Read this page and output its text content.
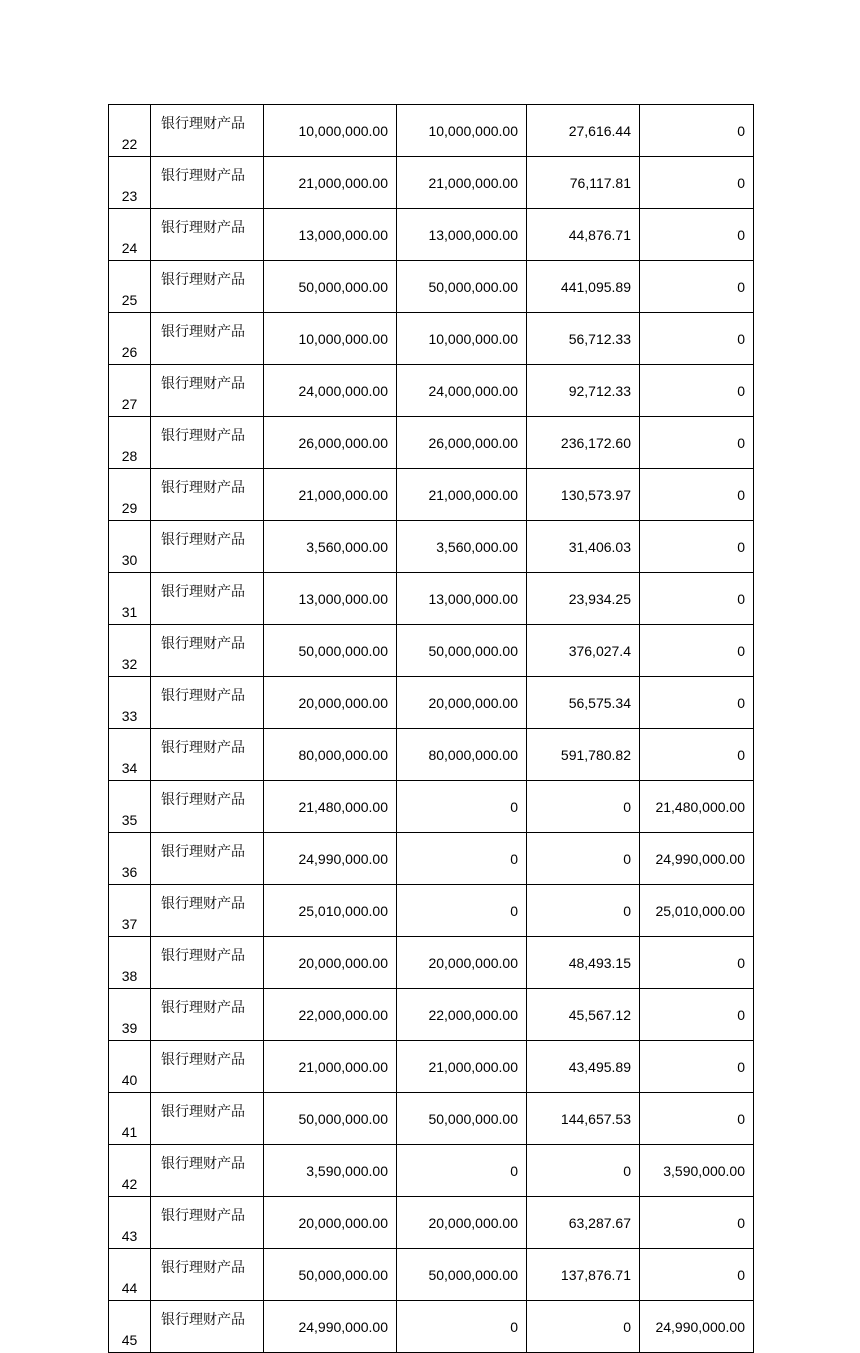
22	银行理财产品	10,000,000.00	10,000,000.00	27,616.44	0
23	银行理财产品	21,000,000.00	21,000,000.00	76,117.81	0
24	银行理财产品	13,000,000.00	13,000,000.00	44,876.71	0
25	银行理财产品	50,000,000.00	50,000,000.00	441,095.89	0
26	银行理财产品	10,000,000.00	10,000,000.00	56,712.33	0
27	银行理财产品	24,000,000.00	24,000,000.00	92,712.33	0
28	银行理财产品	26,000,000.00	26,000,000.00	236,172.60	0
29	银行理财产品	21,000,000.00	21,000,000.00	130,573.97	0
30	银行理财产品	3,560,000.00	3,560,000.00	31,406.03	0
31	银行理财产品	13,000,000.00	13,000,000.00	23,934.25	0
32	银行理财产品	50,000,000.00	50,000,000.00	376,027.4	0
33	银行理财产品	20,000,000.00	20,000,000.00	56,575.34	0
34	银行理财产品	80,000,000.00	80,000,000.00	591,780.82	0
35	银行理财产品	21,480,000.00	0	0	21,480,000.00
36	银行理财产品	24,990,000.00	0	0	24,990,000.00
37	银行理财产品	25,010,000.00	0	0	25,010,000.00
38	银行理财产品	20,000,000.00	20,000,000.00	48,493.15	0
39	银行理财产品	22,000,000.00	22,000,000.00	45,567.12	0
40	银行理财产品	21,000,000.00	21,000,000.00	43,495.89	0
41	银行理财产品	50,000,000.00	50,000,000.00	144,657.53	0
42	银行理财产品	3,590,000.00	0	0	3,590,000.00
43	银行理财产品	20,000,000.00	20,000,000.00	63,287.67	0
44	银行理财产品	50,000,000.00	50,000,000.00	137,876.71	0
45	银行理财产品	24,990,000.00	0	0	24,990,000.00
